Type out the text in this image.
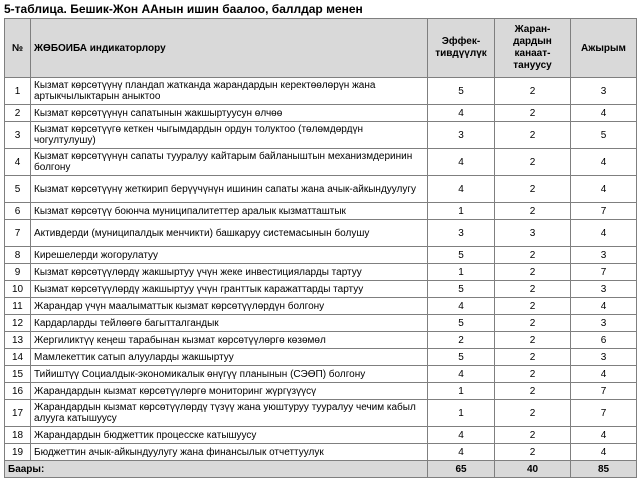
5-таблица. Бешик-Жон ААнын ишин баалоо, баллдар менен
№	ЖӨБОИБА индикаторлору	Эффек-тивдүүлүк	Жаран-дардын канаат-тануусу	Ажырым
1	Кызмат көрсөтүүнү пландап жатканда жарандардын керектөөлөрүн жана артыкчылыктарын аныктоо	5	2	3
2	Кызмат көрсөтүүнүн сапатынын жакшыртуусун өлчөө	4	2	4
3	Кызмат көрсөтүүгө кеткен чыгымдардын ордун толуктоо (төлөмдөрдүн чогултулушу)	3	2	5
4	Кызмат көрсөтүүнүн сапаты тууралуу кайтарым байланыштын механизмдеринин болгону	4	2	4
5	Кызмат көрсөтүүнү жеткирип берүүчүнүн ишинин сапаты жана ачык-айкындуулугу	4	2	4
6	Кызмат көрсөтүү боюнча муниципалитеттер аралык кызматташтык	1	2	7
7	Активдерди (муниципалдык менчикти) башкаруу системасынын болушу	3	3	4
8	Кирешелерди жогорулатуу	5	2	3
9	Кызмат көрсөтүүлөрдү жакшыртуу үчүн жеке инвестицияларды тартуу	1	2	7
10	Кызмат көрсөтүүлөрдү жакшыртуу үчүн гранттык каражаттарды тартуу	5	2	3
11	Жарандар үчүн маалыматтык кызмат көрсөтүүлөрдүн болгону	4	2	4
12	Кардарларды тейлөөгө багытталгандык	5	2	3
13	Жергиликтүү кеңеш тарабынан кызмат көрсөтүүлөргө көзөмөл	2	2	6
14	Мамлекеттик сатып алууларды жакшыртуу	5	2	3
15	Тийиштүү Социалдык-экономикалык өнүгүү планынын (СЭӨП) болгону	4	2	4
16	Жарандардын кызмат көрсөтүүлөргө мониторинг жүргүзүүсү	1	2	7
17	Жарандардын кызмат көрсөтүүлөрдү түзүү жана уюштуруу тууралуу чечим кабыл алууга катышуусу	1	2	7
18	Жарандардын бюджеттик процесске катышуусу	4	2	4
19	Бюджеттин ачык-айкындуулугу жана финансылык отчеттуулук	4	2	4
Баары:		65	40	85
